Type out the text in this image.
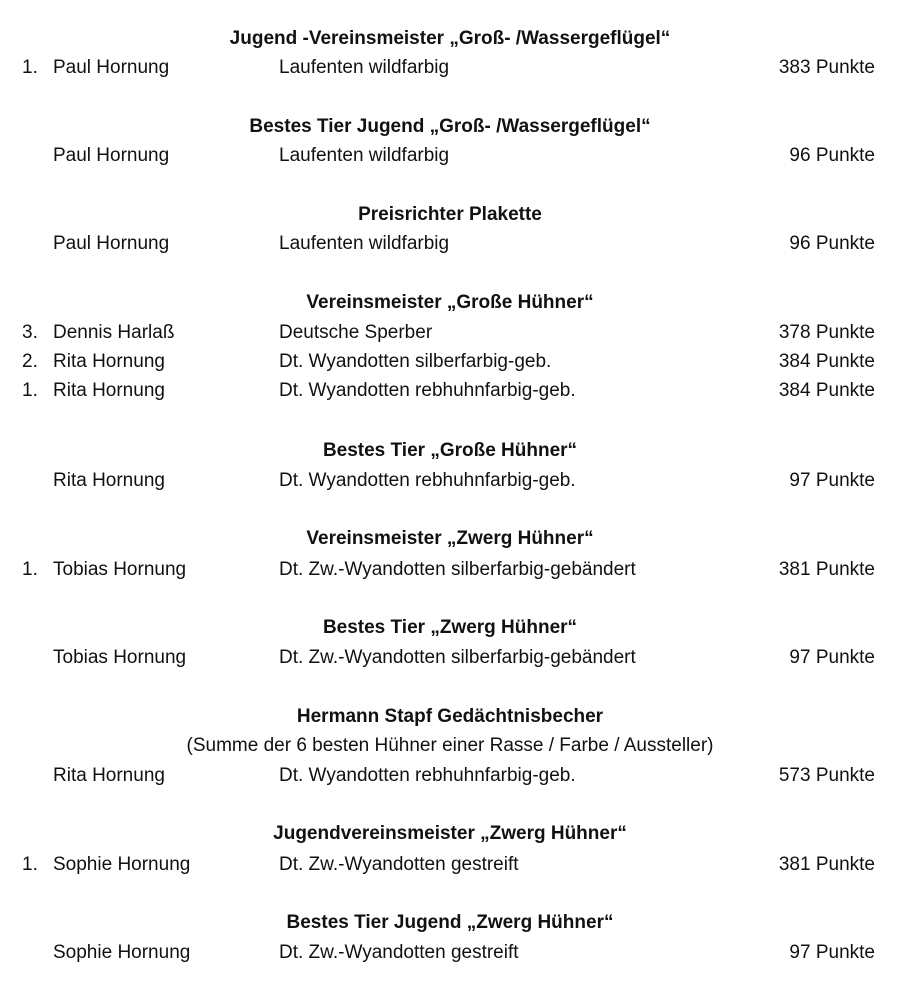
Jugend -Vereinsmeister „Groß- /Wassergeflügel“
1. Paul Hornung	Laufenten wildfarbig	383 Punkte
Bestes Tier Jugend „Groß- /Wassergeflügel“
Paul Hornung	Laufenten wildfarbig	96 Punkte
Preisrichter Plakette
Paul Hornung	Laufenten wildfarbig	96 Punkte
Vereinsmeister „Große Hühner“
3. Dennis Harlaß	Deutsche Sperber	378 Punkte
2. Rita Hornung	Dt. Wyandotten silberfarbig-geb.	384 Punkte
1. Rita Hornung	Dt. Wyandotten rebhuhnfarbig-geb.	384 Punkte
Bestes Tier „Große Hühner“
Rita Hornung	Dt. Wyandotten rebhuhnfarbig-geb.	97 Punkte
Vereinsmeister „Zwerg Hühner“
1. Tobias Hornung	Dt. Zw.-Wyandotten silberfarbig-gebändert	381 Punkte
Bestes Tier „Zwerg Hühner“
Tobias Hornung	Dt. Zw.-Wyandotten silberfarbig-gebändert	97 Punkte
Hermann Stapf Gedächtnisbecher
(Summe der 6 besten Hühner einer Rasse / Farbe / Aussteller)
Rita Hornung	Dt. Wyandotten rebhuhnfarbig-geb.	573 Punkte
Jugendvereinsmeister „Zwerg Hühner“
1. Sophie Hornung	Dt. Zw.-Wyandotten gestreift	381 Punkte
Bestes Tier Jugend „Zwerg Hühner“
Sophie Hornung	Dt. Zw.-Wyandotten gestreift	97 Punkte
